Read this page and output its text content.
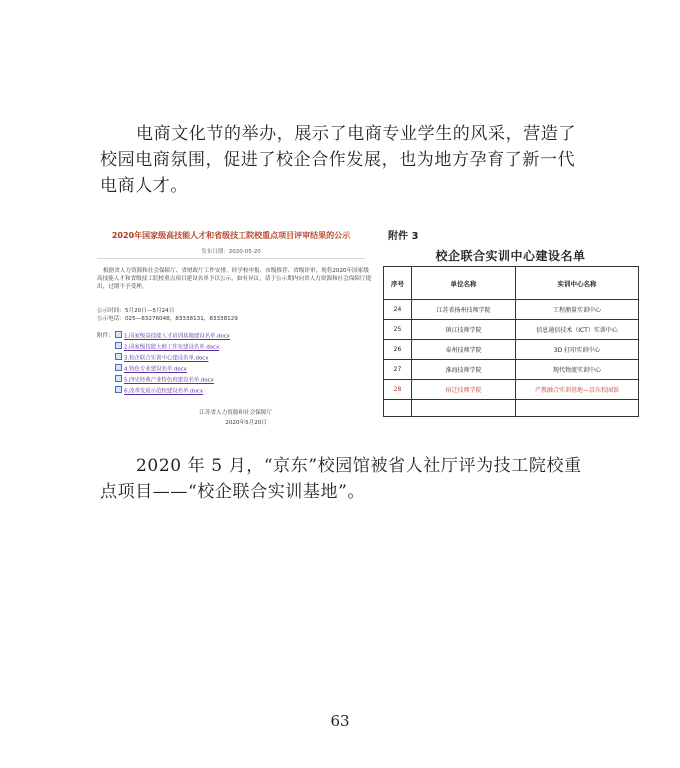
电商文化节的举办，展示了电商专业学生的风采，营造了校园电商氛围，促进了校企合作发展，也为地方孕育了新一代电商人才。

2020年国家级高技能人才和省级技工院校重点项目评审结果的公示
发布日期：2020-05-20

根据省人力资源和社会保障厅、省财政厅工作安排，经学校申报、市级推荐、省级评审，现将2020年国家级高技能人才和省级技工院校重点项目建设名单予以公示，如有异议，请于公示期内向省人力资源和社会保障厅提出，过期不予受理。

公示时间：5月20日—5月24日
公示电话：025—83276048，83338131，83338129
附件：	1.国家级高技能人才培训基地建设名单.docx
2.国家级技能大师工作室建设名单.docx
3.校企联合实训中心建设名单.docx
4.特色专业建设名单.docx
5.四史经典产业特色班建设名单.docx
6.改革发展示范校建设名单.docx
江苏省人力资源和社会保障厅
2020年5月20日
附件 3
校企联合实训中心建设名单
序号	单位名称	实训中心名称
24	江苏省扬州技师学院	工程测量实训中心
25	镇江技师学院	信息通信技术（ICT）实训中心
26	泰州技师学院	3D 打印实训中心
27	淮海技师学院	现代物流实训中心
28	宿迁技师学院	产教融合实训基地—京东校园馆

2020 年 5 月，“京东”校园馆被省人社厅评为技工院校重点项目——“校企联合实训基地”。

63
